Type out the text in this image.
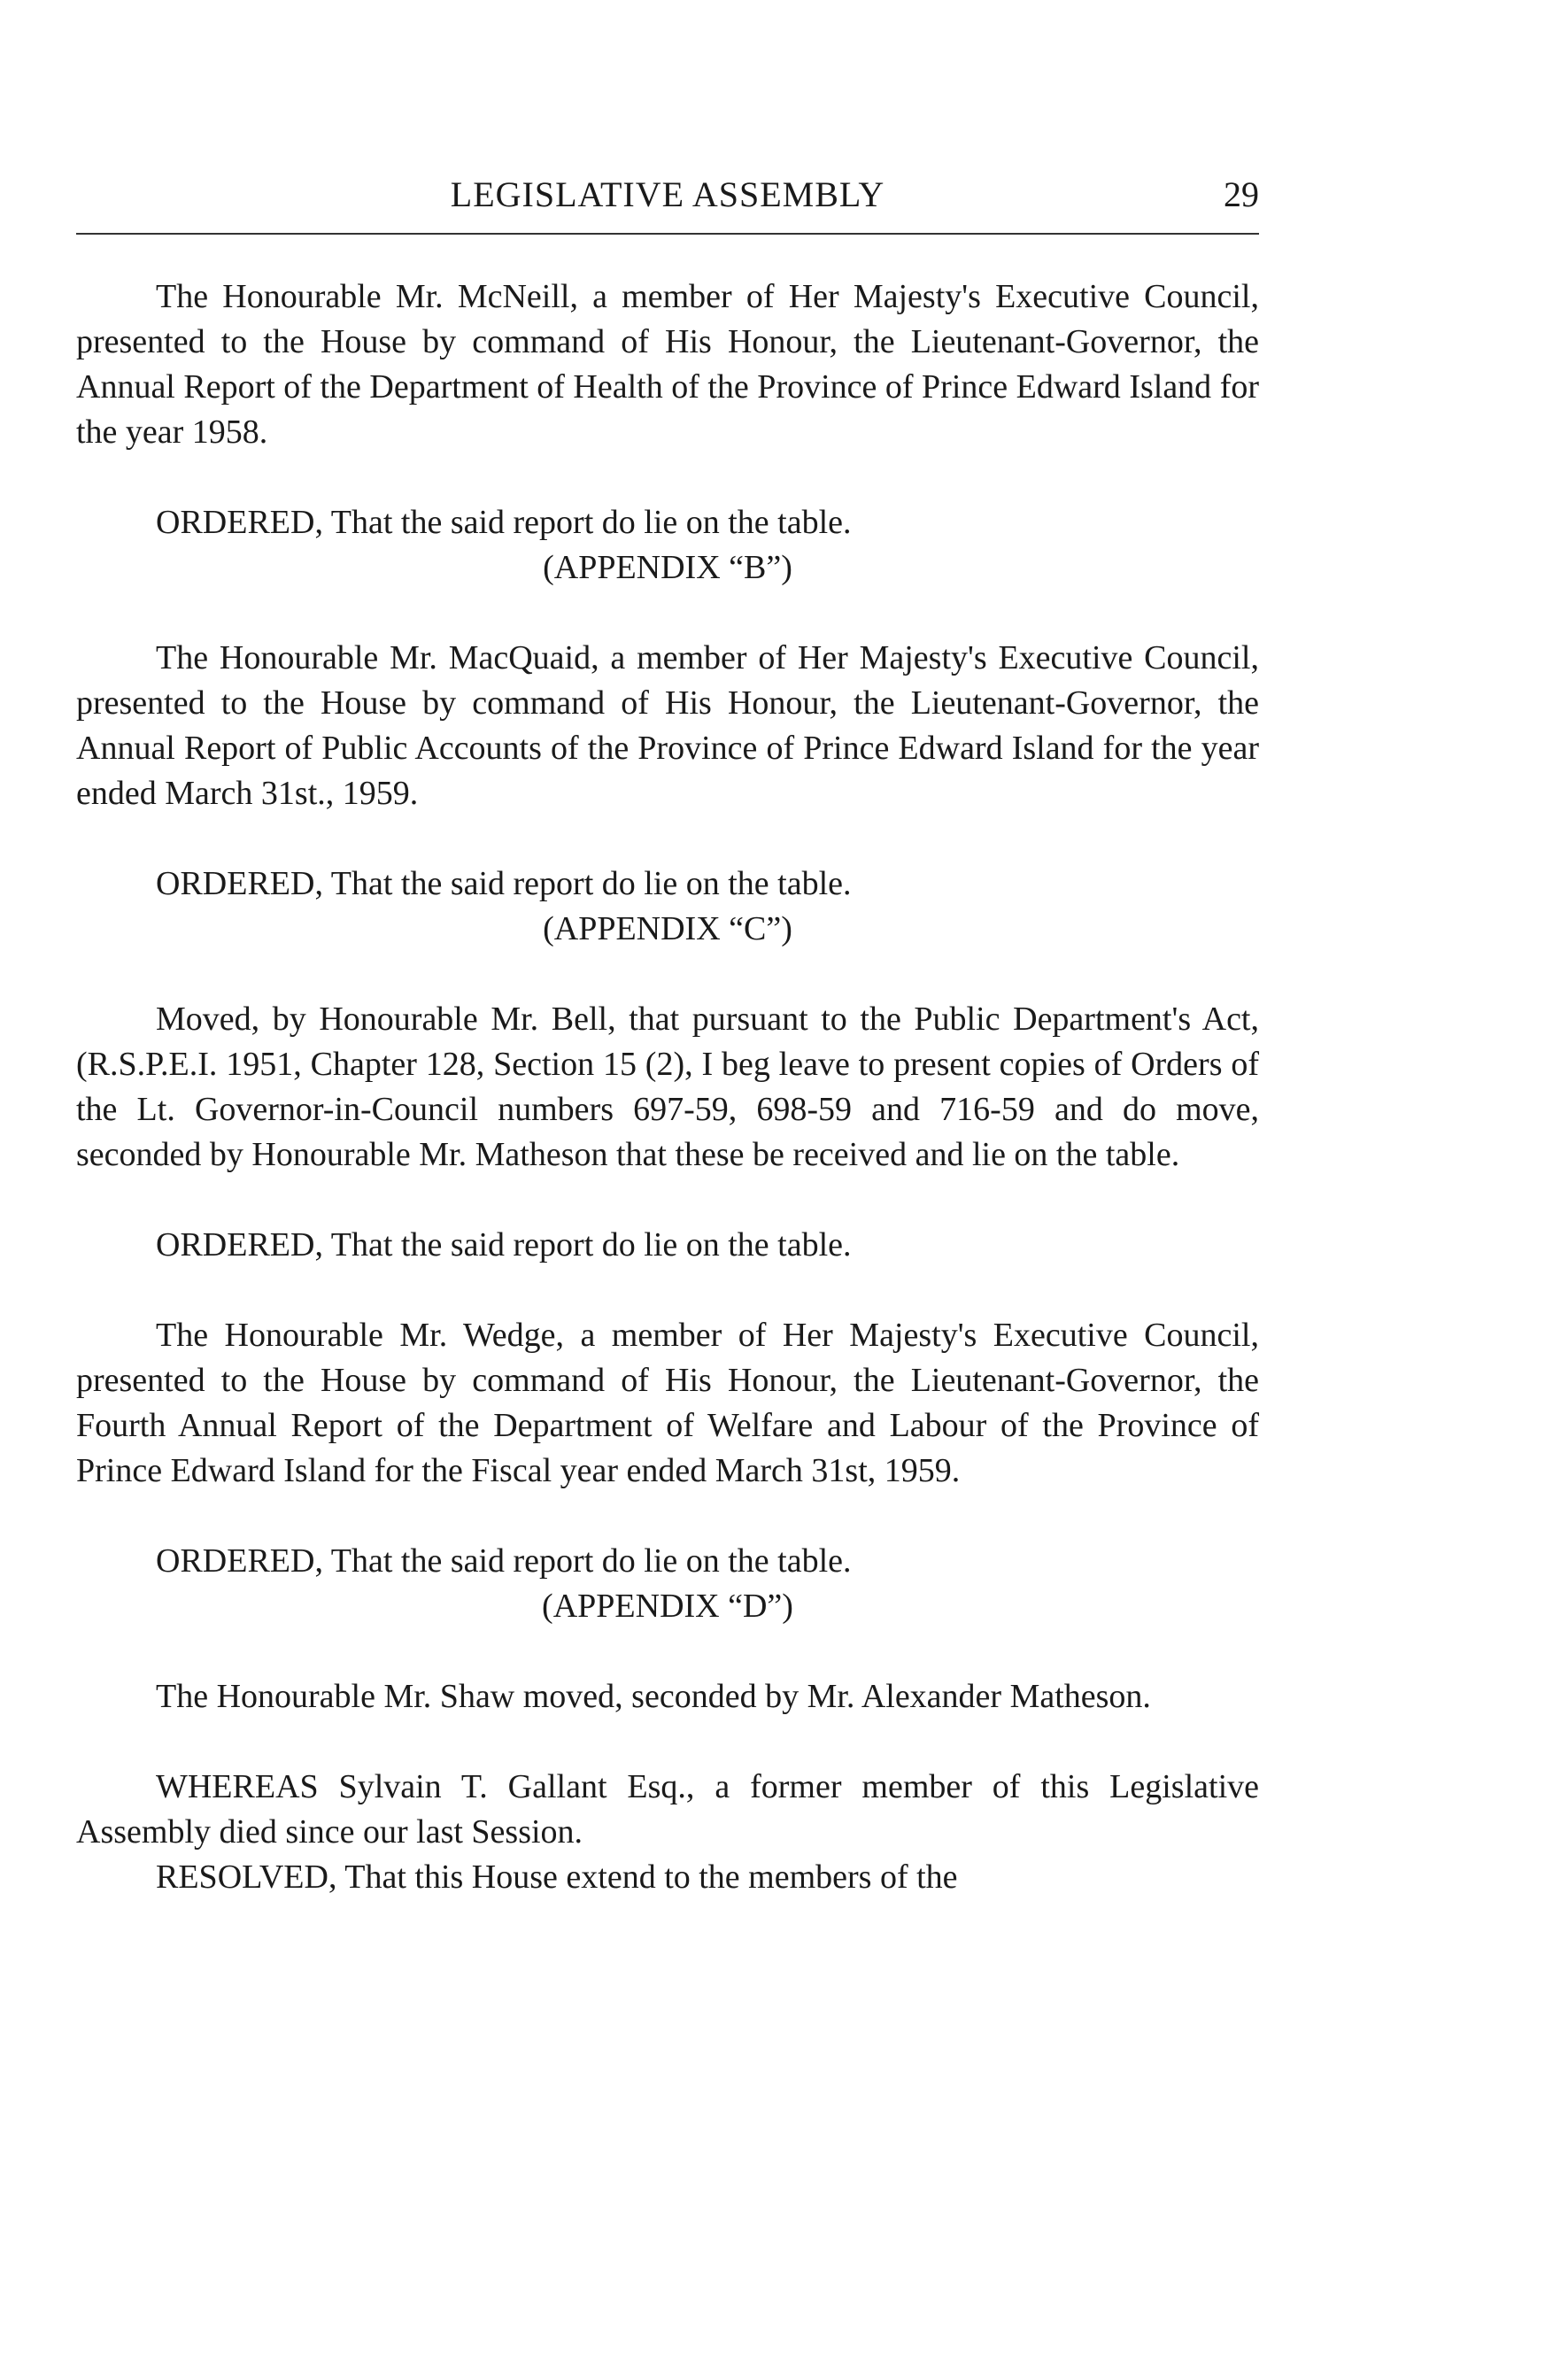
LEGISLATIVE ASSEMBLY	29

The Honourable Mr. McNeill, a member of Her Majesty's Executive Council, presented to the House by command of His Honour, the Lieutenant-Governor, the Annual Report of the Department of Health of the Province of Prince Edward Island for the year 1958.

ORDERED, That the said report do lie on the table.

(APPENDIX “B”)

The Honourable Mr. MacQuaid, a member of Her Majesty's Executive Council, presented to the House by command of His Honour, the Lieutenant-Governor, the Annual Report of Public Accounts of the Province of Prince Edward Island for the year ended March 31st., 1959.

ORDERED, That the said report do lie on the table.

(APPENDIX “C”)

Moved, by Honourable Mr. Bell, that pursuant to the Public Department's Act, (R.S.P.E.I. 1951, Chapter 128, Section 15 (2), I beg leave to present copies of Orders of the Lt. Governor-in-Council numbers 697-59, 698-59 and 716-59 and do move, seconded by Honourable Mr. Matheson that these be received and lie on the table.

ORDERED, That the said report do lie on the table.

The Honourable Mr. Wedge, a member of Her Majesty's Executive Council, presented to the House by command of His Honour, the Lieutenant-Governor, the Fourth Annual Report of the Department of Welfare and Labour of the Province of Prince Edward Island for the Fiscal year ended March 31st, 1959.

ORDERED, That the said report do lie on the table.

(APPENDIX “D”)

The Honourable Mr. Shaw moved, seconded by Mr. Alexander Matheson.

WHEREAS Sylvain T. Gallant Esq., a former member of this Legislative Assembly died since our last Session.

RESOLVED, That this House extend to the members of the
